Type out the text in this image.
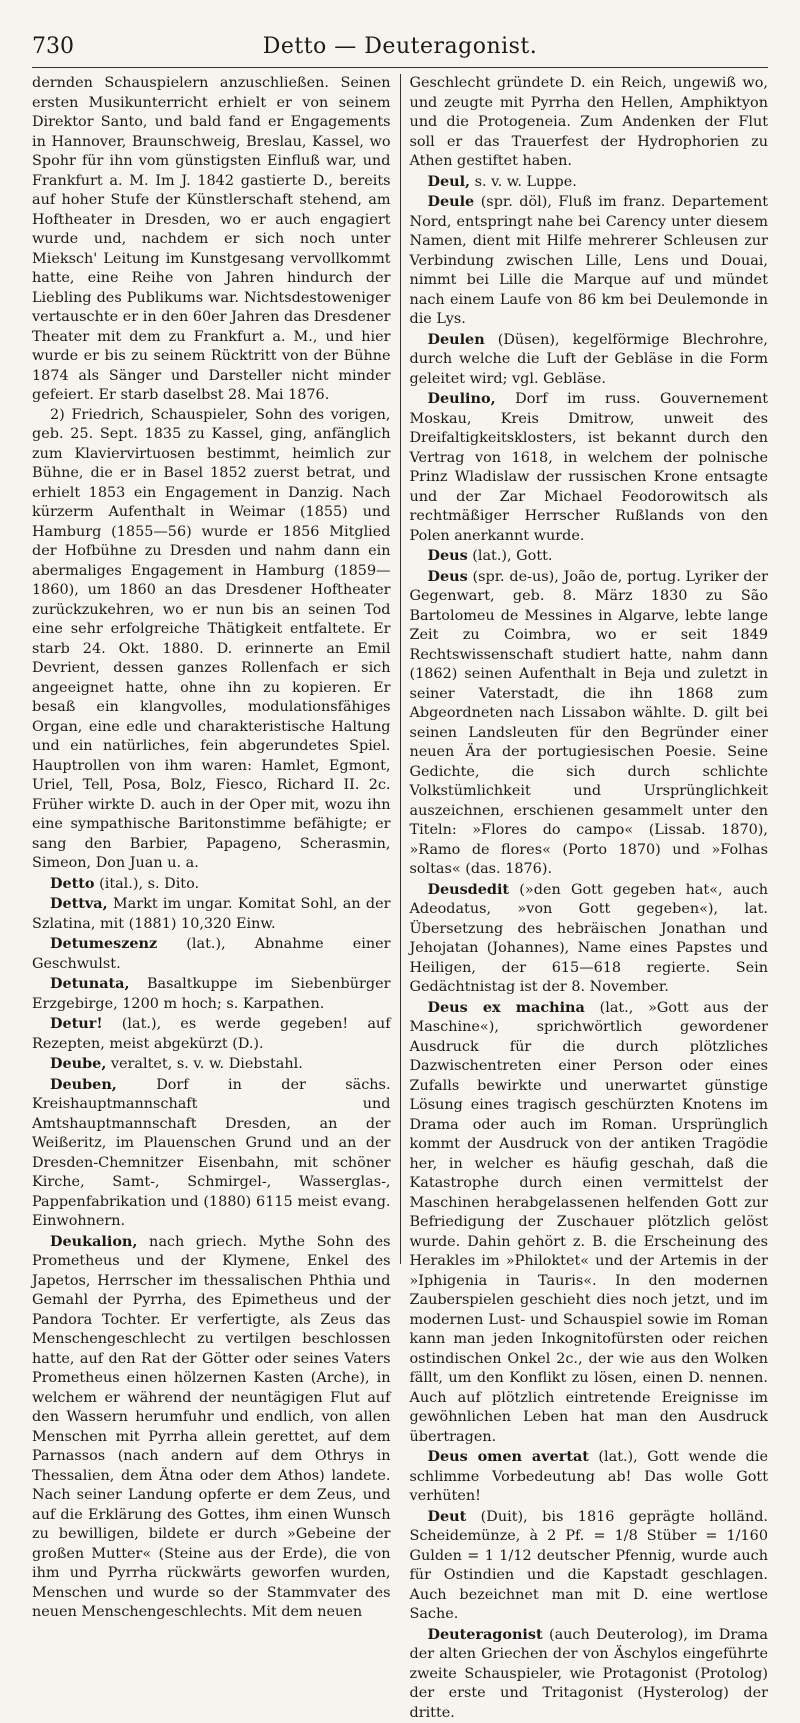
730	Detto — Deuteragonist.

dernden Schauspielern anzuschließen. Seinen ersten Musikunterricht erhielt er von seinem Direktor Santo, und bald fand er Engagements in Hannover, Braunschweig, Breslau, Kassel, wo Spohr für ihn vom günstigsten Einfluß war, und Frankfurt a. M. Im J. 1842 gastierte D., bereits auf hoher Stufe der Künstlerschaft stehend, am Hoftheater in Dresden, wo er auch engagiert wurde und, nachdem er sich noch unter Mieksch' Leitung im Kunstgesang vervollkommt hatte, eine Reihe von Jahren hindurch der Liebling des Publikums war. Nichtsdestoweniger vertauschte er in den 60er Jahren das Dresdener Theater mit dem zu Frankfurt a. M., und hier wurde er bis zu seinem Rücktritt von der Bühne 1874 als Sänger und Darsteller nicht minder gefeiert. Er starb daselbst 28. Mai 1876.

2) Friedrich, Schauspieler, Sohn des vorigen, geb. 25. Sept. 1835 zu Kassel, ging, anfänglich zum Klaviervirtuosen bestimmt, heimlich zur Bühne, die er in Basel 1852 zuerst betrat, und erhielt 1853 ein Engagement in Danzig. Nach kürzerm Aufenthalt in Weimar (1855) und Hamburg (1855—56) wurde er 1856 Mitglied der Hofbühne zu Dresden und nahm dann ein abermaliges Engagement in Hamburg (1859—1860), um 1860 an das Dresdener Hoftheater zurückzukehren, wo er nun bis an seinen Tod eine sehr erfolgreiche Thätigkeit entfaltete. Er starb 24. Okt. 1880. D. erinnerte an Emil Devrient, dessen ganzes Rollenfach er sich angeeignet hatte, ohne ihn zu kopieren. Er besaß ein klangvolles, modulationsfähiges Organ, eine edle und charakteristische Haltung und ein natürliches, fein abgerundetes Spiel. Hauptrollen von ihm waren: Hamlet, Egmont, Uriel, Tell, Posa, Bolz, Fiesco, Richard II. 2c. Früher wirkte D. auch in der Oper mit, wozu ihn eine sympathische Baritonstimme befähigte; er sang den Barbier, Papageno, Scherasmin, Simeon, Don Juan u. a.

Detto (ital.), s. Dito.

Dettva, Markt im ungar. Komitat Sohl, an der Szlatina, mit (1881) 10,320 Einw.

Detumeszenz (lat.), Abnahme einer Geschwulst.

Detunata, Basaltkuppe im Siebenbürger Erzgebirge, 1200 m hoch; s. Karpathen.

Detur! (lat.), es werde gegeben! auf Rezepten, meist abgekürzt (D.).

Deube, veraltet, s. v. w. Diebstahl.

Deuben, Dorf in der sächs. Kreishauptmannschaft und Amtshauptmannschaft Dresden, an der Weißeritz, im Plauenschen Grund und an der Dresden-Chemnitzer Eisenbahn, mit schöner Kirche, Samt-, Schmirgel-, Wasserglas-, Pappenfabrikation und (1880) 6115 meist evang. Einwohnern.

Deukalion, nach griech. Mythe Sohn des Prometheus und der Klymene, Enkel des Japetos, Herrscher im thessalischen Phthia und Gemahl der Pyrrha, des Epimetheus und der Pandora Tochter. Er verfertigte, als Zeus das Menschengeschlecht zu vertilgen beschlossen hatte, auf den Rat der Götter oder seines Vaters Prometheus einen hölzernen Kasten (Arche), in welchem er während der neuntägigen Flut auf den Wassern herumfuhr und endlich, von allen Menschen mit Pyrrha allein gerettet, auf dem Parnassos (nach andern auf dem Othrys in Thessalien, dem Ätna oder dem Athos) landete. Nach seiner Landung opferte er dem Zeus, und auf die Erklärung des Gottes, ihm einen Wunsch zu bewilligen, bildete er durch »Gebeine der großen Mutter« (Steine aus der Erde), die von ihm und Pyrrha rückwärts geworfen wurden, Menschen und wurde so der Stammvater des neuen Menschengeschlechts. Mit dem neuen

Geschlecht gründete D. ein Reich, ungewiß wo, und zeugte mit Pyrrha den Hellen, Amphiktyon und die Protogeneia. Zum Andenken der Flut soll er das Trauerfest der Hydrophorien zu Athen gestiftet haben.

Deul, s. v. w. Luppe.

Deule (spr. döl), Fluß im franz. Departement Nord, entspringt nahe bei Carency unter diesem Namen, dient mit Hilfe mehrerer Schleusen zur Verbindung zwischen Lille, Lens und Douai, nimmt bei Lille die Marque auf und mündet nach einem Laufe von 86 km bei Deulemonde in die Lys.

Deulen (Düsen), kegelförmige Blechrohre, durch welche die Luft der Gebläse in die Form geleitet wird; vgl. Gebläse.

Deulino, Dorf im russ. Gouvernement Moskau, Kreis Dmitrow, unweit des Dreifaltigkeitsklosters, ist bekannt durch den Vertrag von 1618, in welchem der polnische Prinz Wladislaw der russischen Krone entsagte und der Zar Michael Feodorowitsch als rechtmäßiger Herrscher Rußlands von den Polen anerkannt wurde.

Deus (lat.), Gott.

Deus (spr. de-us), João de, portug. Lyriker der Gegenwart, geb. 8. März 1830 zu São Bartolomeu de Messines in Algarve, lebte lange Zeit zu Coimbra, wo er seit 1849 Rechtswissenschaft studiert hatte, nahm dann (1862) seinen Aufenthalt in Beja und zuletzt in seiner Vaterstadt, die ihn 1868 zum Abgeordneten nach Lissabon wählte. D. gilt bei seinen Landsleuten für den Begründer einer neuen Ära der portugiesischen Poesie. Seine Gedichte, die sich durch schlichte Volkstümlichkeit und Ursprünglichkeit auszeichnen, erschienen gesammelt unter den Titeln: »Flores do campo« (Lissab. 1870), »Ramo de flores« (Porto 1870) und »Folhas soltas« (das. 1876).

Deusdedit (»den Gott gegeben hat«, auch Adeodatus, »von Gott gegeben«), lat. Übersetzung des hebräischen Jonathan und Jehojatan (Johannes), Name eines Papstes und Heiligen, der 615—618 regierte. Sein Gedächtnistag ist der 8. November.

Deus ex machina (lat., »Gott aus der Maschine«), sprichwörtlich gewordener Ausdruck für die durch plötzliches Dazwischentreten einer Person oder eines Zufalls bewirkte und unerwartet günstige Lösung eines tragisch geschürzten Knotens im Drama oder auch im Roman. Ursprünglich kommt der Ausdruck von der antiken Tragödie her, in welcher es häufig geschah, daß die Katastrophe durch einen vermittelst der Maschinen herabgelassenen helfenden Gott zur Befriedigung der Zuschauer plötzlich gelöst wurde. Dahin gehört z. B. die Erscheinung des Herakles im »Philoktet« und der Artemis in der »Iphigenia in Tauris«. In den modernen Zauberspielen geschieht dies noch jetzt, und im modernen Lust- und Schauspiel sowie im Roman kann man jeden Inkognitofürsten oder reichen ostindischen Onkel 2c., der wie aus den Wolken fällt, um den Konflikt zu lösen, einen D. nennen. Auch auf plötzlich eintretende Ereignisse im gewöhnlichen Leben hat man den Ausdruck übertragen.

Deus omen avertat (lat.), Gott wende die schlimme Vorbedeutung ab! Das wolle Gott verhüten!

Deut (Duit), bis 1816 geprägte holländ. Scheidemünze, à 2 Pf. = 1/8 Stüber = 1/160 Gulden = 1 1/12 deutscher Pfennig, wurde auch für Ostindien und die Kapstadt geschlagen. Auch bezeichnet man mit D. eine wertlose Sache.

Deuteragonist (auch Deuterolog), im Drama der alten Griechen der von Äschylos eingeführte zweite Schauspieler, wie Protagonist (Protolog) der erste und Tritagonist (Hysterolog) der dritte.
